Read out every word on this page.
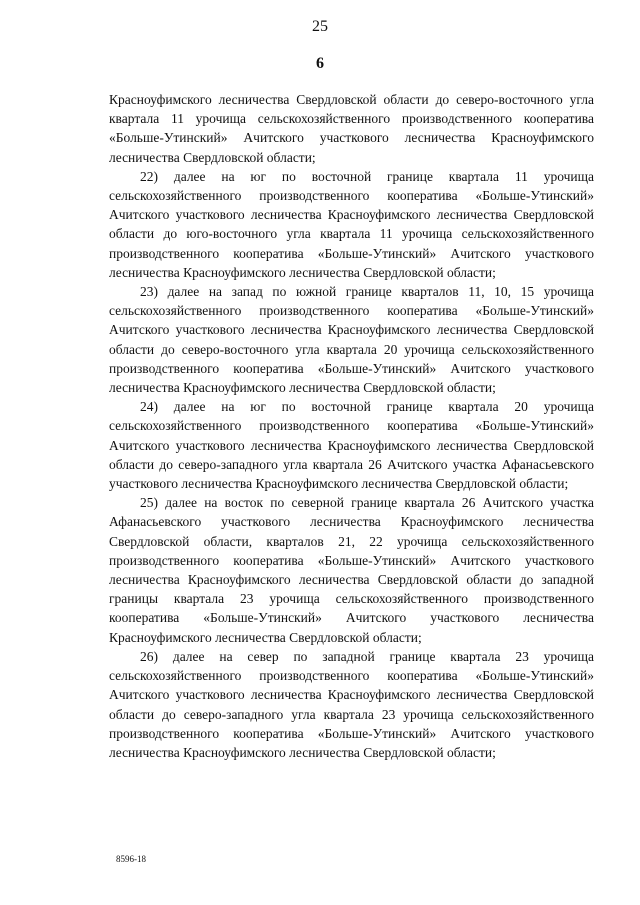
25
6

Красноуфимского лесничества Свердловской области до северо-восточного угла квартала 11 урочища сельскохозяйственного производственного кооператива «Больше-Утинский» Ачитского участкового лесничества Красноуфимского лесничества Свердловской области;

22) далее на юг по восточной границе квартала 11 урочища сельскохозяйственного производственного кооператива «Больше-Утинский» Ачитского участкового лесничества Красноуфимского лесничества Свердловской области до юго-восточного угла квартала 11 урочища сельскохозяйственного производственного кооператива «Больше-Утинский» Ачитского участкового лесничества Красноуфимского лесничества Свердловской области;

23) далее на запад по южной границе кварталов 11, 10, 15 урочища сельскохозяйственного производственного кооператива «Больше-Утинский» Ачитского участкового лесничества Красноуфимского лесничества Свердловской области до северо-восточного угла квартала 20 урочища сельскохозяйственного производственного кооператива «Больше-Утинский» Ачитского участкового лесничества Красноуфимского лесничества Свердловской области;

24) далее на юг по восточной границе квартала 20 урочища сельскохозяйственного производственного кооператива «Больше-Утинский» Ачитского участкового лесничества Красноуфимского лесничества Свердловской области до северо-западного угла квартала 26 Ачитского участка Афанасьевского участкового лесничества Красноуфимского лесничества Свердловской области;

25) далее на восток по северной границе квартала 26 Ачитского участка Афанасьевского участкового лесничества Красноуфимского лесничества Свердловской области, кварталов 21, 22 урочища сельскохозяйственного производственного кооператива «Больше-Утинский» Ачитского участкового лесничества Красноуфимского лесничества Свердловской области до западной границы квартала 23 урочища сельскохозяйственного производственного кооператива «Больше-Утинский» Ачитского участкового лесничества Красноуфимского лесничества Свердловской области;

26) далее на север по западной границе квартала 23 урочища сельскохозяйственного производственного кооператива «Больше-Утинский» Ачитского участкового лесничества Красноуфимского лесничества Свердловской области до северо-западного угла квартала 23 урочища сельскохозяйственного производственного кооператива «Больше-Утинский» Ачитского участкового лесничества Красноуфимского лесничества Свердловской области;

8596-18
